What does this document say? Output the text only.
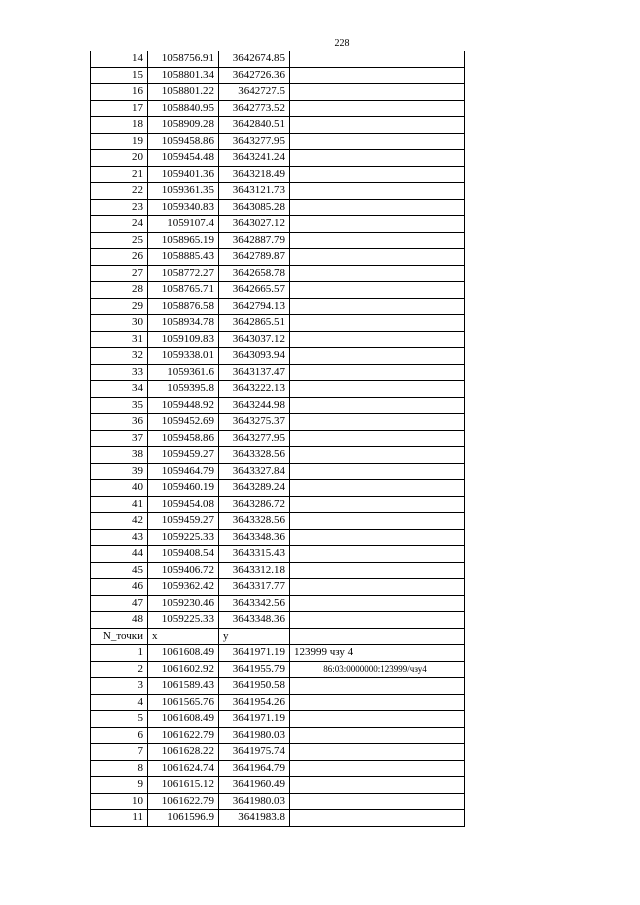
228
14	1058756.91	3642674.85	
15	1058801.34	3642726.36	
16	1058801.22	3642727.5	
17	1058840.95	3642773.52	
18	1058909.28	3642840.51	
19	1059458.86	3643277.95	
20	1059454.48	3643241.24	
21	1059401.36	3643218.49	
22	1059361.35	3643121.73	
23	1059340.83	3643085.28	
24	1059107.4	3643027.12	
25	1058965.19	3642887.79	
26	1058885.43	3642789.87	
27	1058772.27	3642658.78	
28	1058765.71	3642665.57	
29	1058876.58	3642794.13	
30	1058934.78	3642865.51	
31	1059109.83	3643037.12	
32	1059338.01	3643093.94	
33	1059361.6	3643137.47	
34	1059395.8	3643222.13	
35	1059448.92	3643244.98	
36	1059452.69	3643275.37	
37	1059458.86	3643277.95	
38	1059459.27	3643328.56	
39	1059464.79	3643327.84	
40	1059460.19	3643289.24	
41	1059454.08	3643286.72	
42	1059459.27	3643328.56	
43	1059225.33	3643348.36	
44	1059408.54	3643315.43	
45	1059406.72	3643312.18	
46	1059362.42	3643317.77	
47	1059230.46	3643342.56	
48	1059225.33	3643348.36	
N_точки	x	y	
1	1061608.49	3641971.19	123999 чзу 4
2	1061602.92	3641955.79	86:03:0000000:123999/чзу4
3	1061589.43	3641950.58	
4	1061565.76	3641954.26	
5	1061608.49	3641971.19	
6	1061622.79	3641980.03	
7	1061628.22	3641975.74	
8	1061624.74	3641964.79	
9	1061615.12	3641960.49	
10	1061622.79	3641980.03	
11	1061596.9	3641983.8	
